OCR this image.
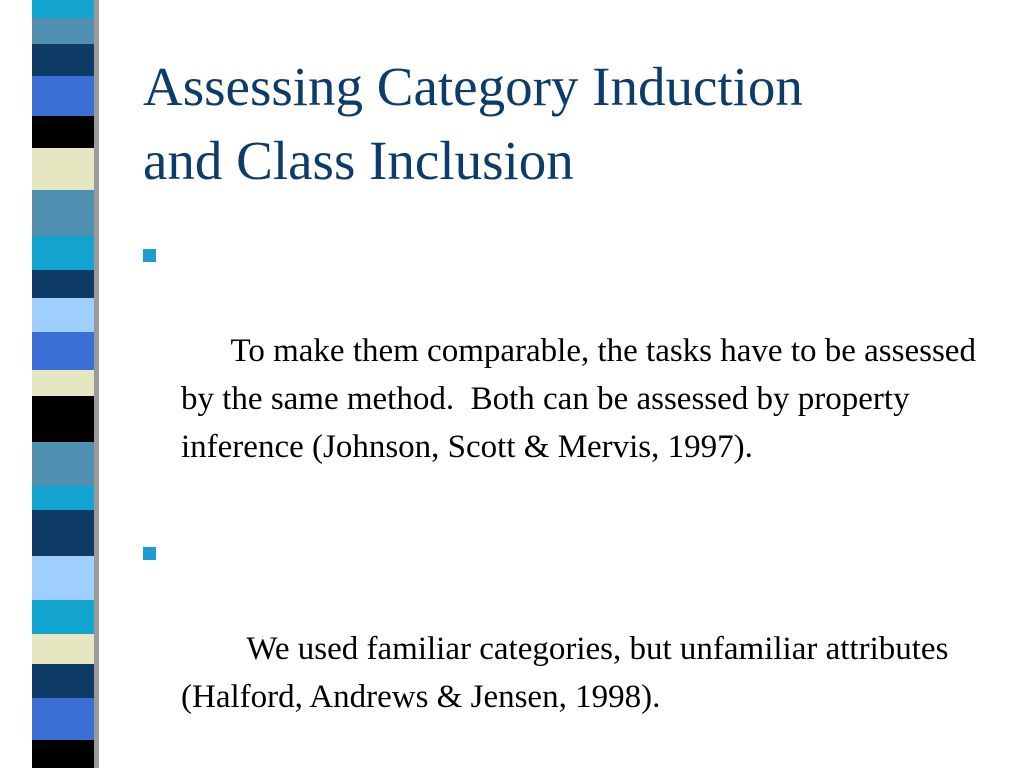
Assessing Category Induction
and Class Inclusion

To make them comparable, the tasks have to be assessed by the same method.  Both can be assessed by property inference (Johnson, Scott & Mervis, 1997).

We used familiar categories, but unfamiliar attributes (Halford, Andrews & Jensen, 1998).
